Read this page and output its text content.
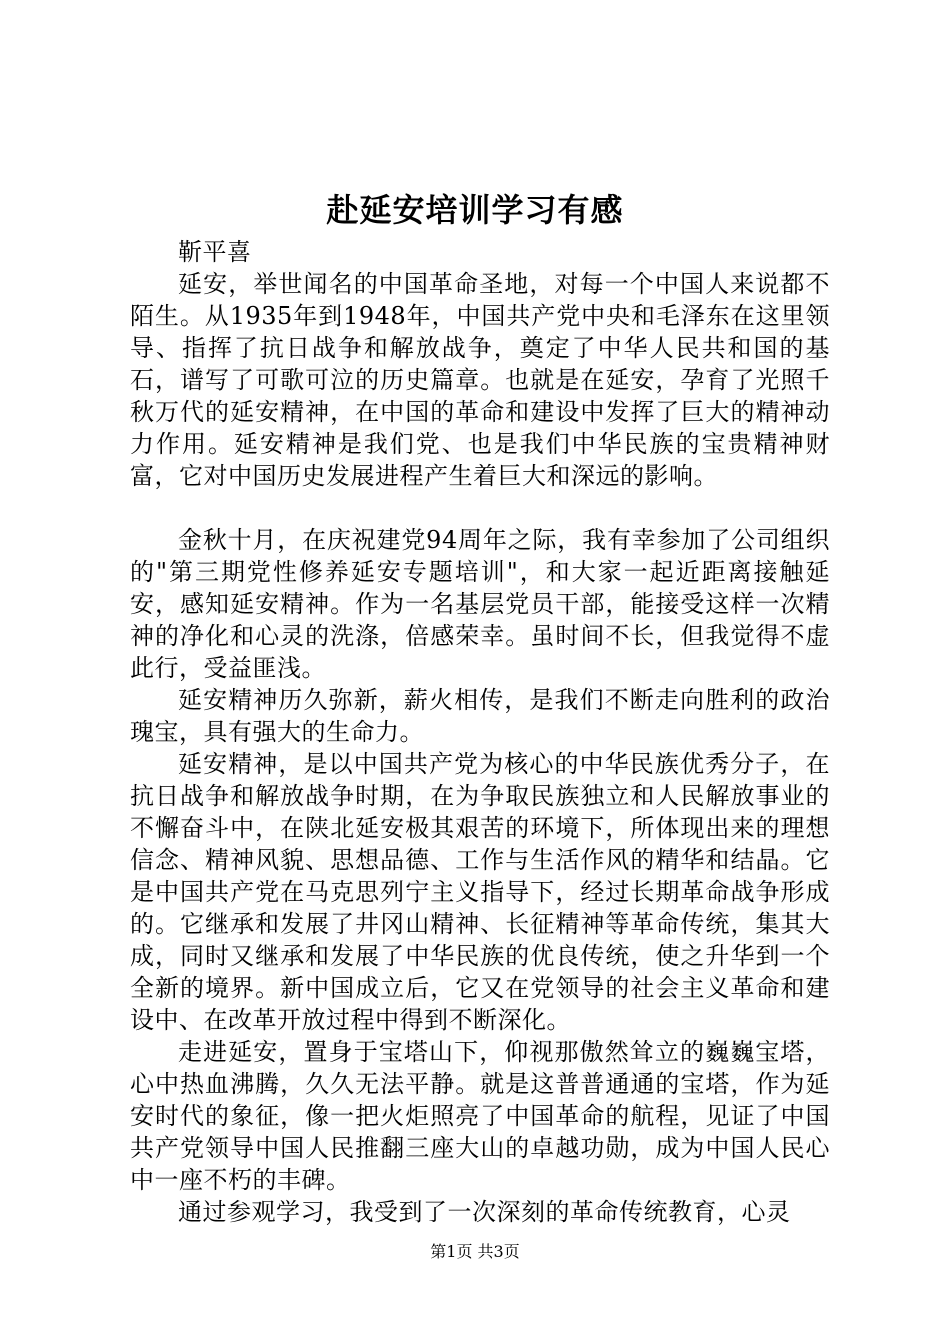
赴延安培训学习有感

靳平喜

延安，举世闻名的中国革命圣地，对每一个中国人来说都不陌生。从1935年到1948年，中国共产党中央和毛泽东在这里领导、指挥了抗日战争和解放战争，奠定了中华人民共和国的基石，谱写了可歌可泣的历史篇章。也就是在延安，孕育了光照千秋万代的延安精神，在中国的革命和建设中发挥了巨大的精神动力作用。延安精神是我们党、也是我们中华民族的宝贵精神财富，它对中国历史发展进程产生着巨大和深远的影响。

金秋十月，在庆祝建党94周年之际，我有幸参加了公司组织的"第三期党性修养延安专题培训"，和大家一起近距离接触延安，感知延安精神。作为一名基层党员干部，能接受这样一次精神的净化和心灵的洗涤，倍感荣幸。虽时间不长，但我觉得不虚此行，受益匪浅。

延安精神历久弥新，薪火相传，是我们不断走向胜利的政治瑰宝，具有强大的生命力。

延安精神，是以中国共产党为核心的中华民族优秀分子，在抗日战争和解放战争时期，在为争取民族独立和人民解放事业的不懈奋斗中，在陕北延安极其艰苦的环境下，所体现出来的理想信念、精神风貌、思想品德、工作与生活作风的精华和结晶。它是中国共产党在马克思列宁主义指导下，经过长期革命战争形成的。它继承和发展了井冈山精神、长征精神等革命传统，集其大成，同时又继承和发展了中华民族的优良传统，使之升华到一个全新的境界。新中国成立后，它又在党领导的社会主义革命和建设中、在改革开放过程中得到不断深化。

走进延安，置身于宝塔山下，仰视那傲然耸立的巍巍宝塔，心中热血沸腾，久久无法平静。就是这普普通通的宝塔，作为延安时代的象征，像一把火炬照亮了中国革命的航程，见证了中国共产党领导中国人民推翻三座大山的卓越功勋，成为中国人民心中一座不朽的丰碑。

通过参观学习，我受到了一次深刻的革命传统教育，心灵

第1页 共3页
